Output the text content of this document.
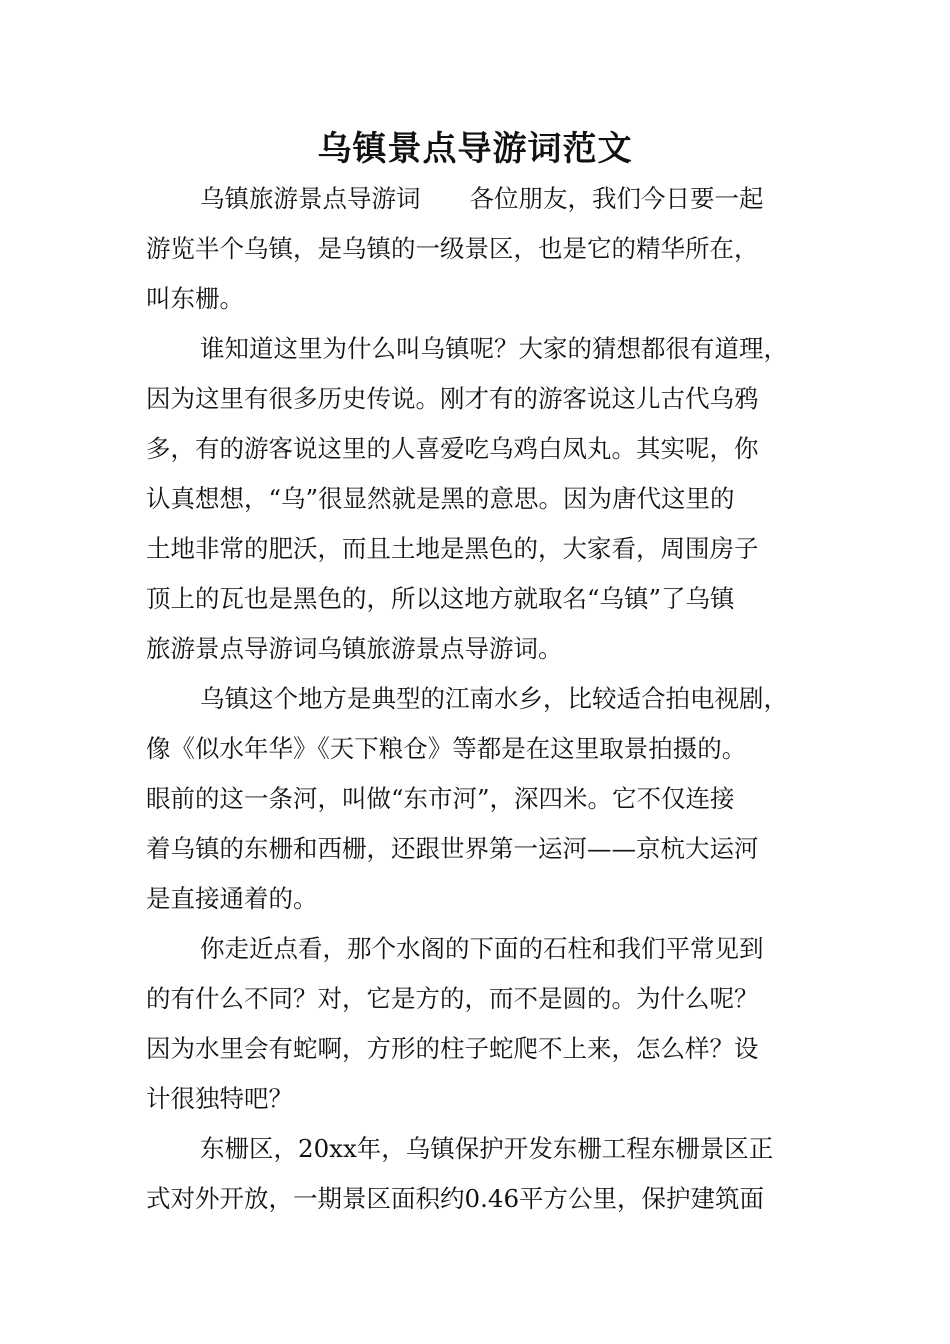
乌镇景点导游词范文
乌镇旅游景点导游词　　各位朋友，我们今日要一起
游览半个乌镇，是乌镇的一级景区，也是它的精华所在，
叫东栅。
谁知道这里为什么叫乌镇呢？大家的猜想都很有道理，
因为这里有很多历史传说。刚才有的游客说这儿古代乌鸦
多，有的游客说这里的人喜爱吃乌鸡白凤丸。其实呢，你
认真想想，“乌”很显然就是黑的意思。因为唐代这里的
土地非常的肥沃，而且土地是黑色的，大家看，周围房子
顶上的瓦也是黑色的，所以这地方就取名“乌镇”了乌镇
旅游景点导游词乌镇旅游景点导游词。
乌镇这个地方是典型的江南水乡，比较适合拍电视剧，
像《似水年华》《天下粮仓》等都是在这里取景拍摄的。
眼前的这一条河，叫做“东市河”，深四米。它不仅连接
着乌镇的东栅和西栅，还跟世界第一运河——京杭大运河
是直接通着的。
你走近点看，那个水阁的下面的石柱和我们平常见到
的有什么不同？对，它是方的，而不是圆的。为什么呢？
因为水里会有蛇啊，方形的柱子蛇爬不上来，怎么样？设
计很独特吧？
东栅区，20xx年，乌镇保护开发东栅工程东栅景区正
式对外开放，一期景区面积约0.46平方公里，保护建筑面
